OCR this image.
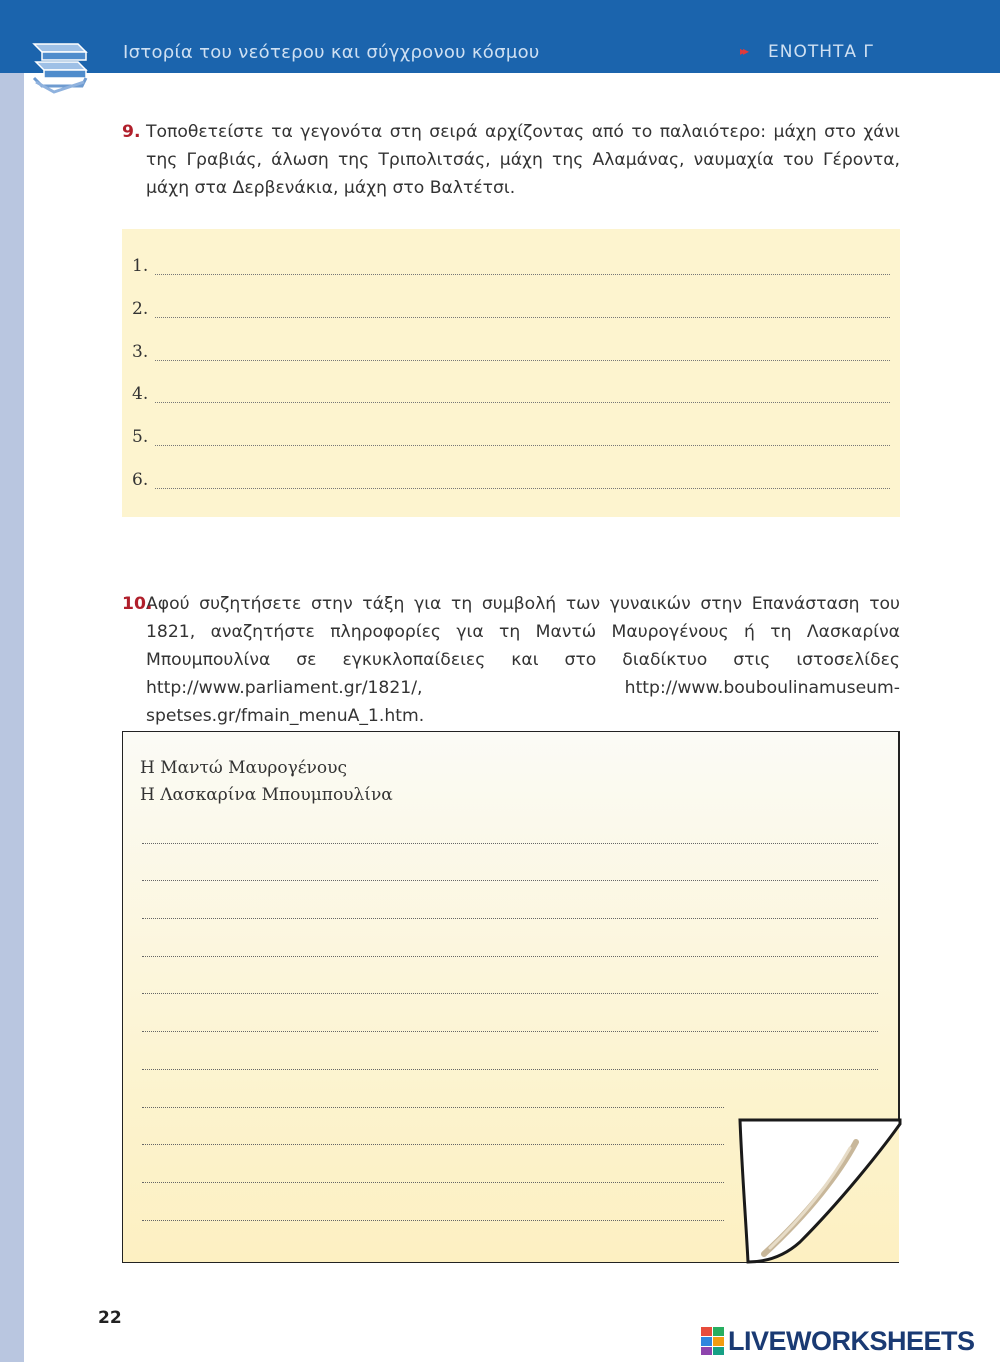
Ιστορία του νεότερου και σύγχρονου κόσμου	▸▸ ΕΝΟΤΗΤΑ Γ
9. Τοποθετείστε τα γεγονότα στη σειρά αρχίζοντας από το παλαιότερο: μάχη στο χάνι της Γραβιάς, άλωση της Τριπολιτσάς, μάχη της Αλαμάνας, ναυμαχία του Γέροντα, μάχη στα Δερβενάκια, μάχη στο Βαλτέτσι.
1.
2.
3.
4.
5.
6.
10.
Αφού συζητήσετε στην τάξη για τη συμβολή των γυναικών στην Επανάσταση του 1821, αναζητήστε πληροφορίες για τη Μαντώ Μαυρογένους ή τη Λασκαρίνα Μπουμπουλίνα σε εγκυκλοπαίδειες και στο διαδίκτυο στις ιστοσελίδες http://www.parliament.gr/1821/, http://www.bouboulinamuseum-spetses.gr/fmain_menuA_1.htm.
Η Μαντώ Μαυρογένους
Η Λασκαρίνα Μπουμπουλίνα
22
LIVEWORKSHEETS
